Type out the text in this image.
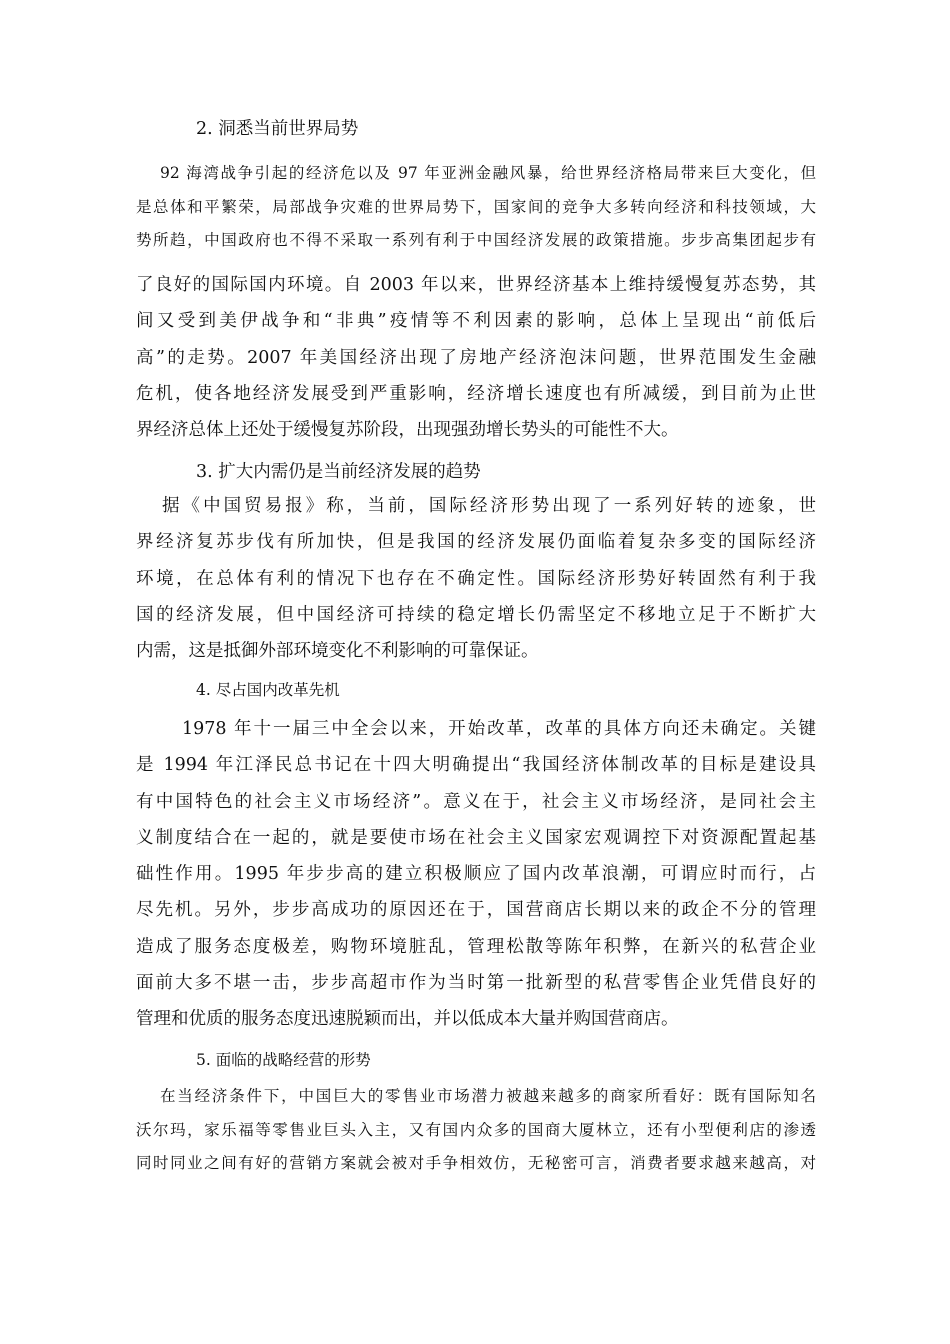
2. 洞悉当前世界局势
92 海湾战争引起的经济危以及 97 年亚洲金融风暴，给世界经济格局带来巨大变化，但
是总体和平繁荣，局部战争灾难的世界局势下，国家间的竞争大多转向经济和科技领域，大
势所趋，中国政府也不得不采取一系列有利于中国经济发展的政策措施。步步高集团起步有
了良好的国际国内环境。自 2003 年以来，世界经济基本上维持缓慢复苏态势，其
间又受到美伊战争和“非典”疫情等不利因素的影响，总体上呈现出“前低后
高”的走势。2007 年美国经济出现了房地产经济泡沫问题，世界范围发生金融
危机，使各地经济发展受到严重影响，经济增长速度也有所减缓，到目前为止世
界经济总体上还处于缓慢复苏阶段，出现强劲增长势头的可能性不大。
3. 扩大内需仍是当前经济发展的趋势
据《中国贸易报》称，当前，国际经济形势出现了一系列好转的迹象，世
界经济复苏步伐有所加快，但是我国的经济发展仍面临着复杂多变的国际经济
环境，在总体有利的情况下也存在不确定性。国际经济形势好转固然有利于我
国的经济发展，但中国经济可持续的稳定增长仍需坚定不移地立足于不断扩大
内需，这是抵御外部环境变化不利影响的可靠保证。
4. 尽占国内改革先机
1978 年十一届三中全会以来，开始改革，改革的具体方向还未确定。关键
是 1994 年江泽民总书记在十四大明确提出“我国经济体制改革的目标是建设具
有中国特色的社会主义市场经济”。意义在于，社会主义市场经济，是同社会主
义制度结合在一起的，就是要使市场在社会主义国家宏观调控下对资源配置起基
础性作用。1995 年步步高的建立积极顺应了国内改革浪潮，可谓应时而行，占
尽先机。另外，步步高成功的原因还在于，国营商店长期以来的政企不分的管理
造成了服务态度极差，购物环境脏乱，管理松散等陈年积弊，在新兴的私营企业
面前大多不堪一击，步步高超市作为当时第一批新型的私营零售企业凭借良好的
管理和优质的服务态度迅速脱颖而出，并以低成本大量并购国营商店。
5. 面临的战略经营的形势
在当经济条件下，中国巨大的零售业市场潜力被越来越多的商家所看好：既有国际知名
沃尔玛，家乐福等零售业巨头入主，又有国内众多的国商大厦林立，还有小型便利店的渗透
同时同业之间有好的营销方案就会被对手争相效仿，无秘密可言，消费者要求越来越高，对
